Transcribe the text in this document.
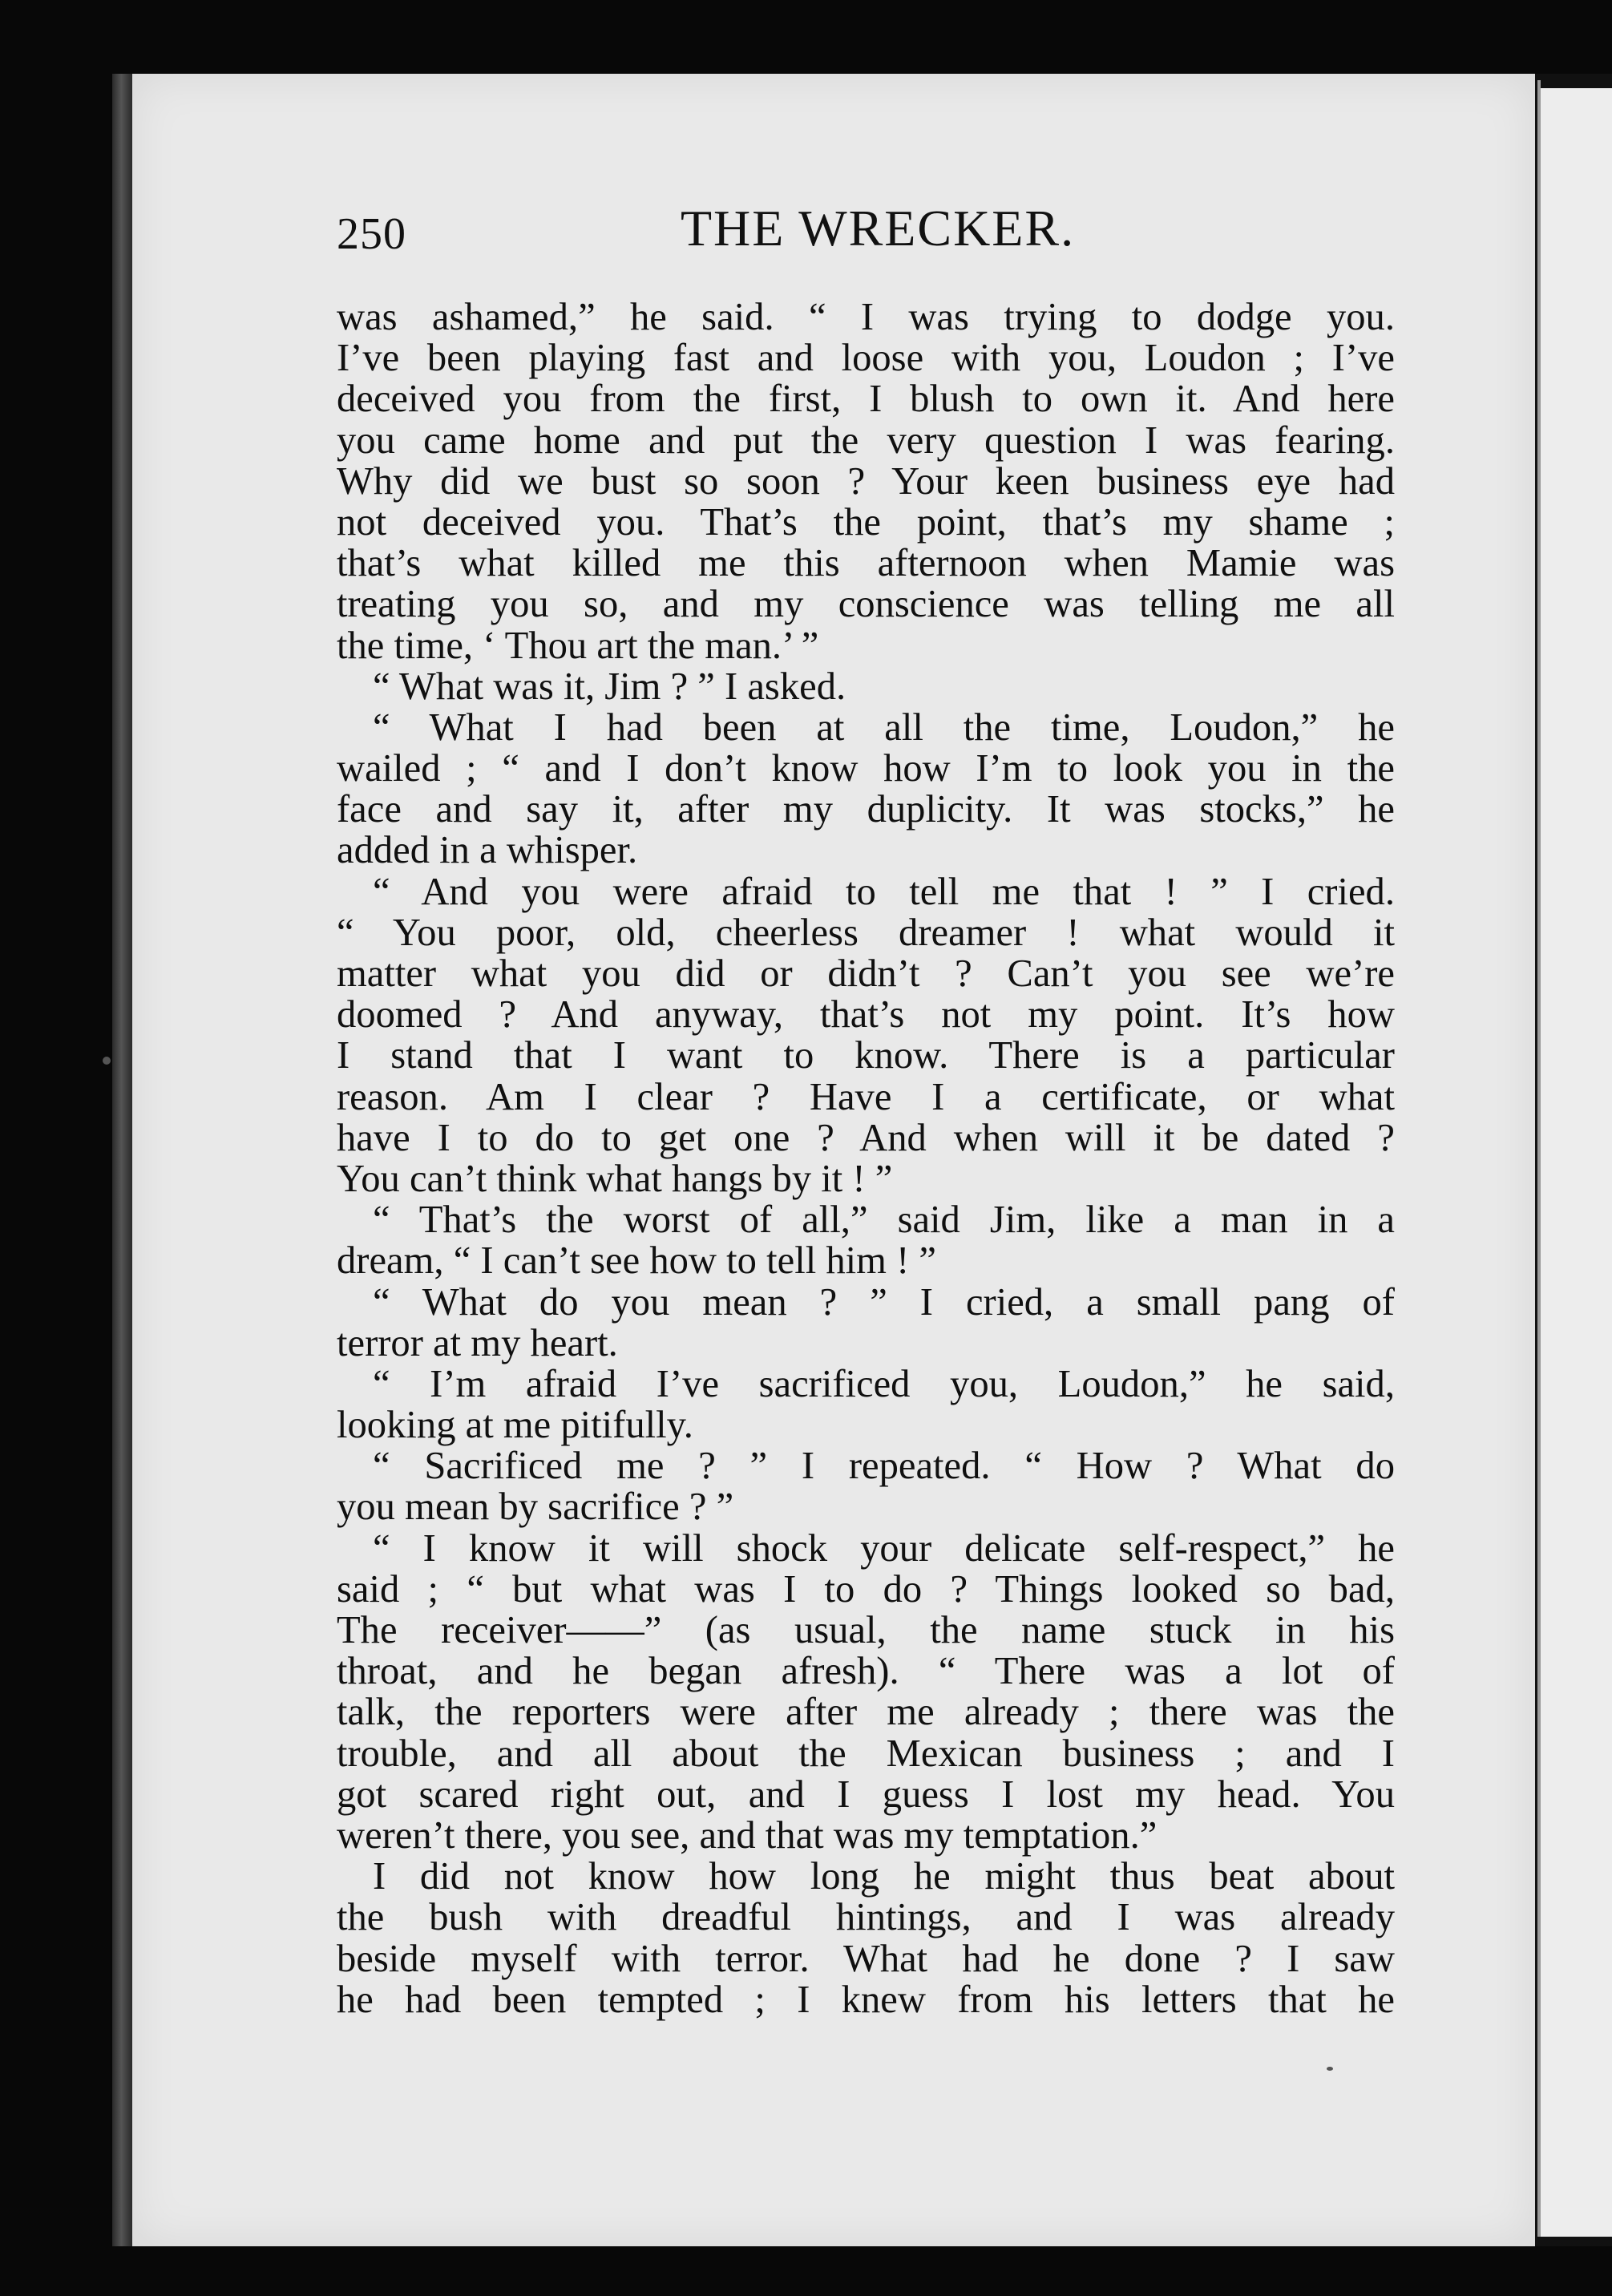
250	THE WRECKER.
was ashamed,” he said. “ I was trying to dodge you.
I’ve been playing fast and loose with you, Loudon ; I’ve
deceived you from the first, I blush to own it. And here
you came home and put the very question I was fearing.
Why did we bust so soon ? Your keen business eye had
not deceived you. That’s the point, that’s my shame ;
that’s what killed me this afternoon when Mamie was
treating you so, and my conscience was telling me all
the time, ‘ Thou art the man.’ ”
“ What was it, Jim ? ” I asked.
“ What I had been at all the time, Loudon,” he
wailed ; “ and I don’t know how I’m to look you in the
face and say it, after my duplicity. It was stocks,” he
added in a whisper.
“ And you were afraid to tell me that ! ” I cried.
“ You poor, old, cheerless dreamer ! what would it
matter what you did or didn’t ? Can’t you see we’re
doomed ? And anyway, that’s not my point. It’s how
I stand that I want to know. There is a particular
reason. Am I clear ? Have I a certificate, or what
have I to do to get one ? And when will it be dated ?
You can’t think what hangs by it ! ”
“ That’s the worst of all,” said Jim, like a man in a
dream, “ I can’t see how to tell him ! ”
“ What do you mean ? ” I cried, a small pang of
terror at my heart.
“ I’m afraid I’ve sacrificed you, Loudon,” he said,
looking at me pitifully.
“ Sacrificed me ? ” I repeated. “ How ? What do
you mean by sacrifice ? ”
“ I know it will shock your delicate self-respect,” he
said ; “ but what was I to do ? Things looked so bad,
The receiver——” (as usual, the name stuck in his
throat, and he began afresh). “ There was a lot of
talk, the reporters were after me already ; there was the
trouble, and all about the Mexican business ; and I
got scared right out, and I guess I lost my head. You
weren’t there, you see, and that was my temptation.”
I did not know how long he might thus beat about
the bush with dreadful hintings, and I was already
beside myself with terror. What had he done ? I saw
he had been tempted ; I knew from his letters that he
